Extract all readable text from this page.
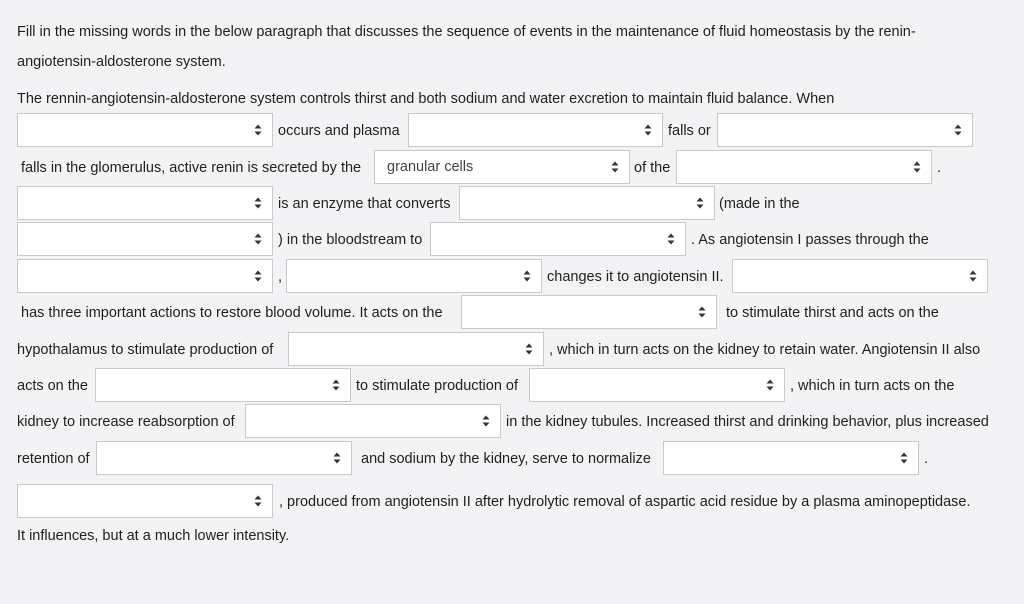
Fill in the missing words in the below paragraph that discusses the sequence of events in the maintenance of fluid homeostasis by the renin-
angiotensin-aldosterone system.
The rennin-angiotensin-aldosterone system controls thirst and both sodium and water excretion to maintain fluid balance. When
occurs and plasma	falls or
falls in the glomerulus, active renin is secreted by the granular cells	of the	.
is an enzyme that converts	(made in the
) in the bloodstream to	. As angiotensin I passes through the
,	changes it to angiotensin II.
has three important actions to restore blood volume. It acts on the	to stimulate thirst and acts on the
hypothalamus to stimulate production of	, which in turn acts on the kidney to retain water. Angiotensin II also
acts on the	to stimulate production of	, which in turn acts on the
kidney to increase reabsorption of	in the kidney tubules. Increased thirst and drinking behavior, plus increased
retention of	and sodium by the kidney, serve to normalize	.
, produced from angiotensin II after hydrolytic removal of aspartic acid residue by a plasma aminopeptidase.
It influences, but at a much lower intensity.
